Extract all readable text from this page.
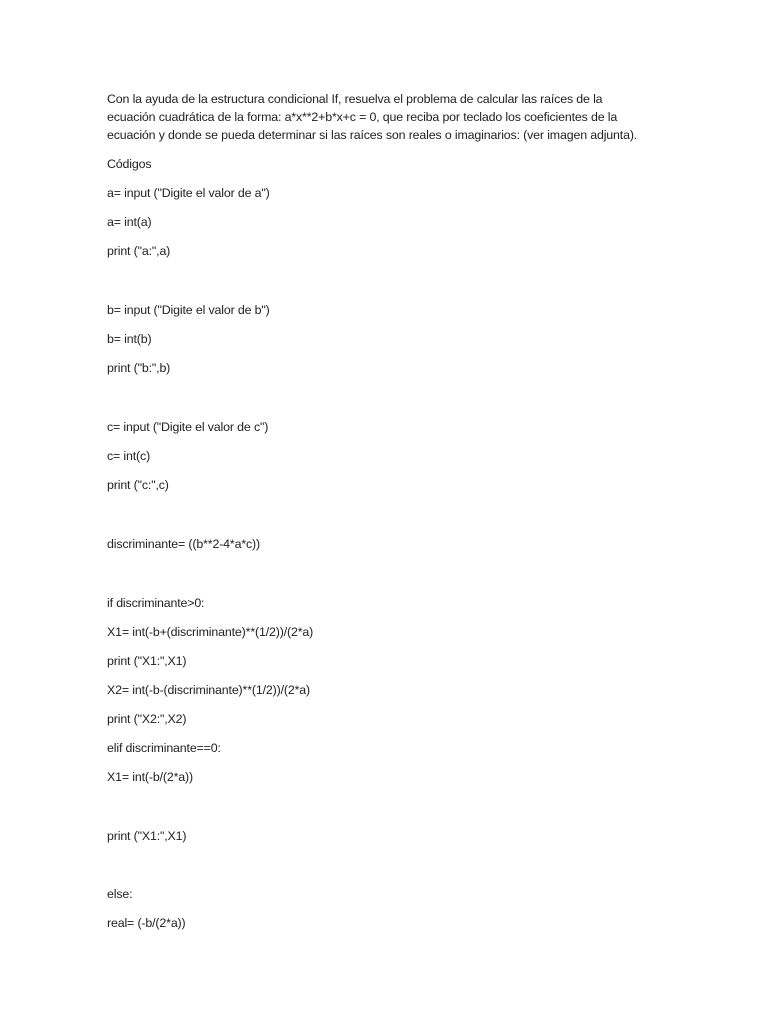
Con la ayuda de la estructura condicional If, resuelva el problema de calcular las raíces de la
ecuación cuadrática de la forma: a*x**2+b*x+c = 0, que reciba por teclado los coeficientes de la
ecuación y donde se pueda determinar si las raíces son reales o imaginarios: (ver imagen adjunta).

Códigos
a= input ("Digite el valor de a")
a= int(a)
print ("a:",a)
b= input ("Digite el valor de b")
b= int(b)
print ("b:",b)
c= input ("Digite el valor de c")
c= int(c)
print ("c:",c)
discriminante= ((b**2-4*a*c))
if discriminante>0:
X1= int(-b+(discriminante)**(1/2))/(2*a)
print ("X1:",X1)
X2= int(-b-(discriminante)**(1/2))/(2*a)
print ("X2:",X2)
elif discriminante==0:
X1= int(-b/(2*a))
print ("X1:",X1)
else:
real= (-b/(2*a))
